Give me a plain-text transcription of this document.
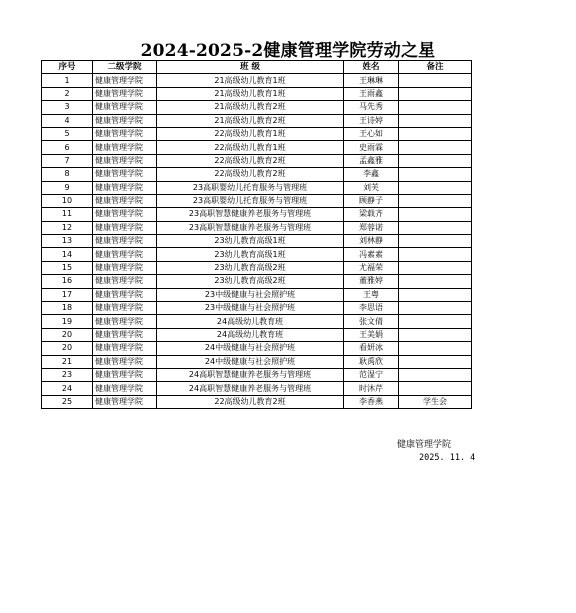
2024-2025-2健康管理学院劳动之星
序号	二级学院	班 级	姓名	备注
1	健康管理学院	21高级幼儿教育1班	王琳琳	
2	健康管理学院	21高级幼儿教育1班	王雨鑫	
3	健康管理学院	21高级幼儿教育2班	马先秀	
4	健康管理学院	21高级幼儿教育2班	王诗婷	
5	健康管理学院	22高级幼儿教育1班	王心如	
6	健康管理学院	22高级幼儿教育1班	史雨霖	
7	健康管理学院	22高级幼儿教育2班	孟鑫雅	
8	健康管理学院	22高级幼儿教育2班	李鑫	
9	健康管理学院	23高职婴幼儿托育服务与管理班	刘芙	
10	健康管理学院	23高职婴幼儿托育服务与管理班	顾静子	
11	健康管理学院	23高职智慧健康养老服务与管理班	梁载齐	
12	健康管理学院	23高职智慧健康养老服务与管理班	郑蓉诺	
13	健康管理学院	23幼儿教育高级1班	刘林静	
14	健康管理学院	23幼儿教育高级1班	冯素素	
15	健康管理学院	23幼儿教育高级2班	尤福荣	
16	健康管理学院	23幼儿教育高级2班	董雅婷	
17	健康管理学院	23中级健康与社会照护班	王粤	
18	健康管理学院	23中级健康与社会照护班	李思语	
19	健康管理学院	24高级幼儿教育班	张文倩	
20	健康管理学院	24高级幼儿教育班	王美娟	
20	健康管理学院	24中级健康与社会照护班	看妍冰	
21	健康管理学院	24中级健康与社会照护班	耿禹欣	
23	健康管理学院	24高职智慧健康养老服务与管理班	范湿宁	
24	健康管理学院	24高职智慧健康养老服务与管理班	时沐芹	
25	健康管理学院	22高级幼儿教育2班	李香燕	学生会
健康管理学院
2025. 11. 4
